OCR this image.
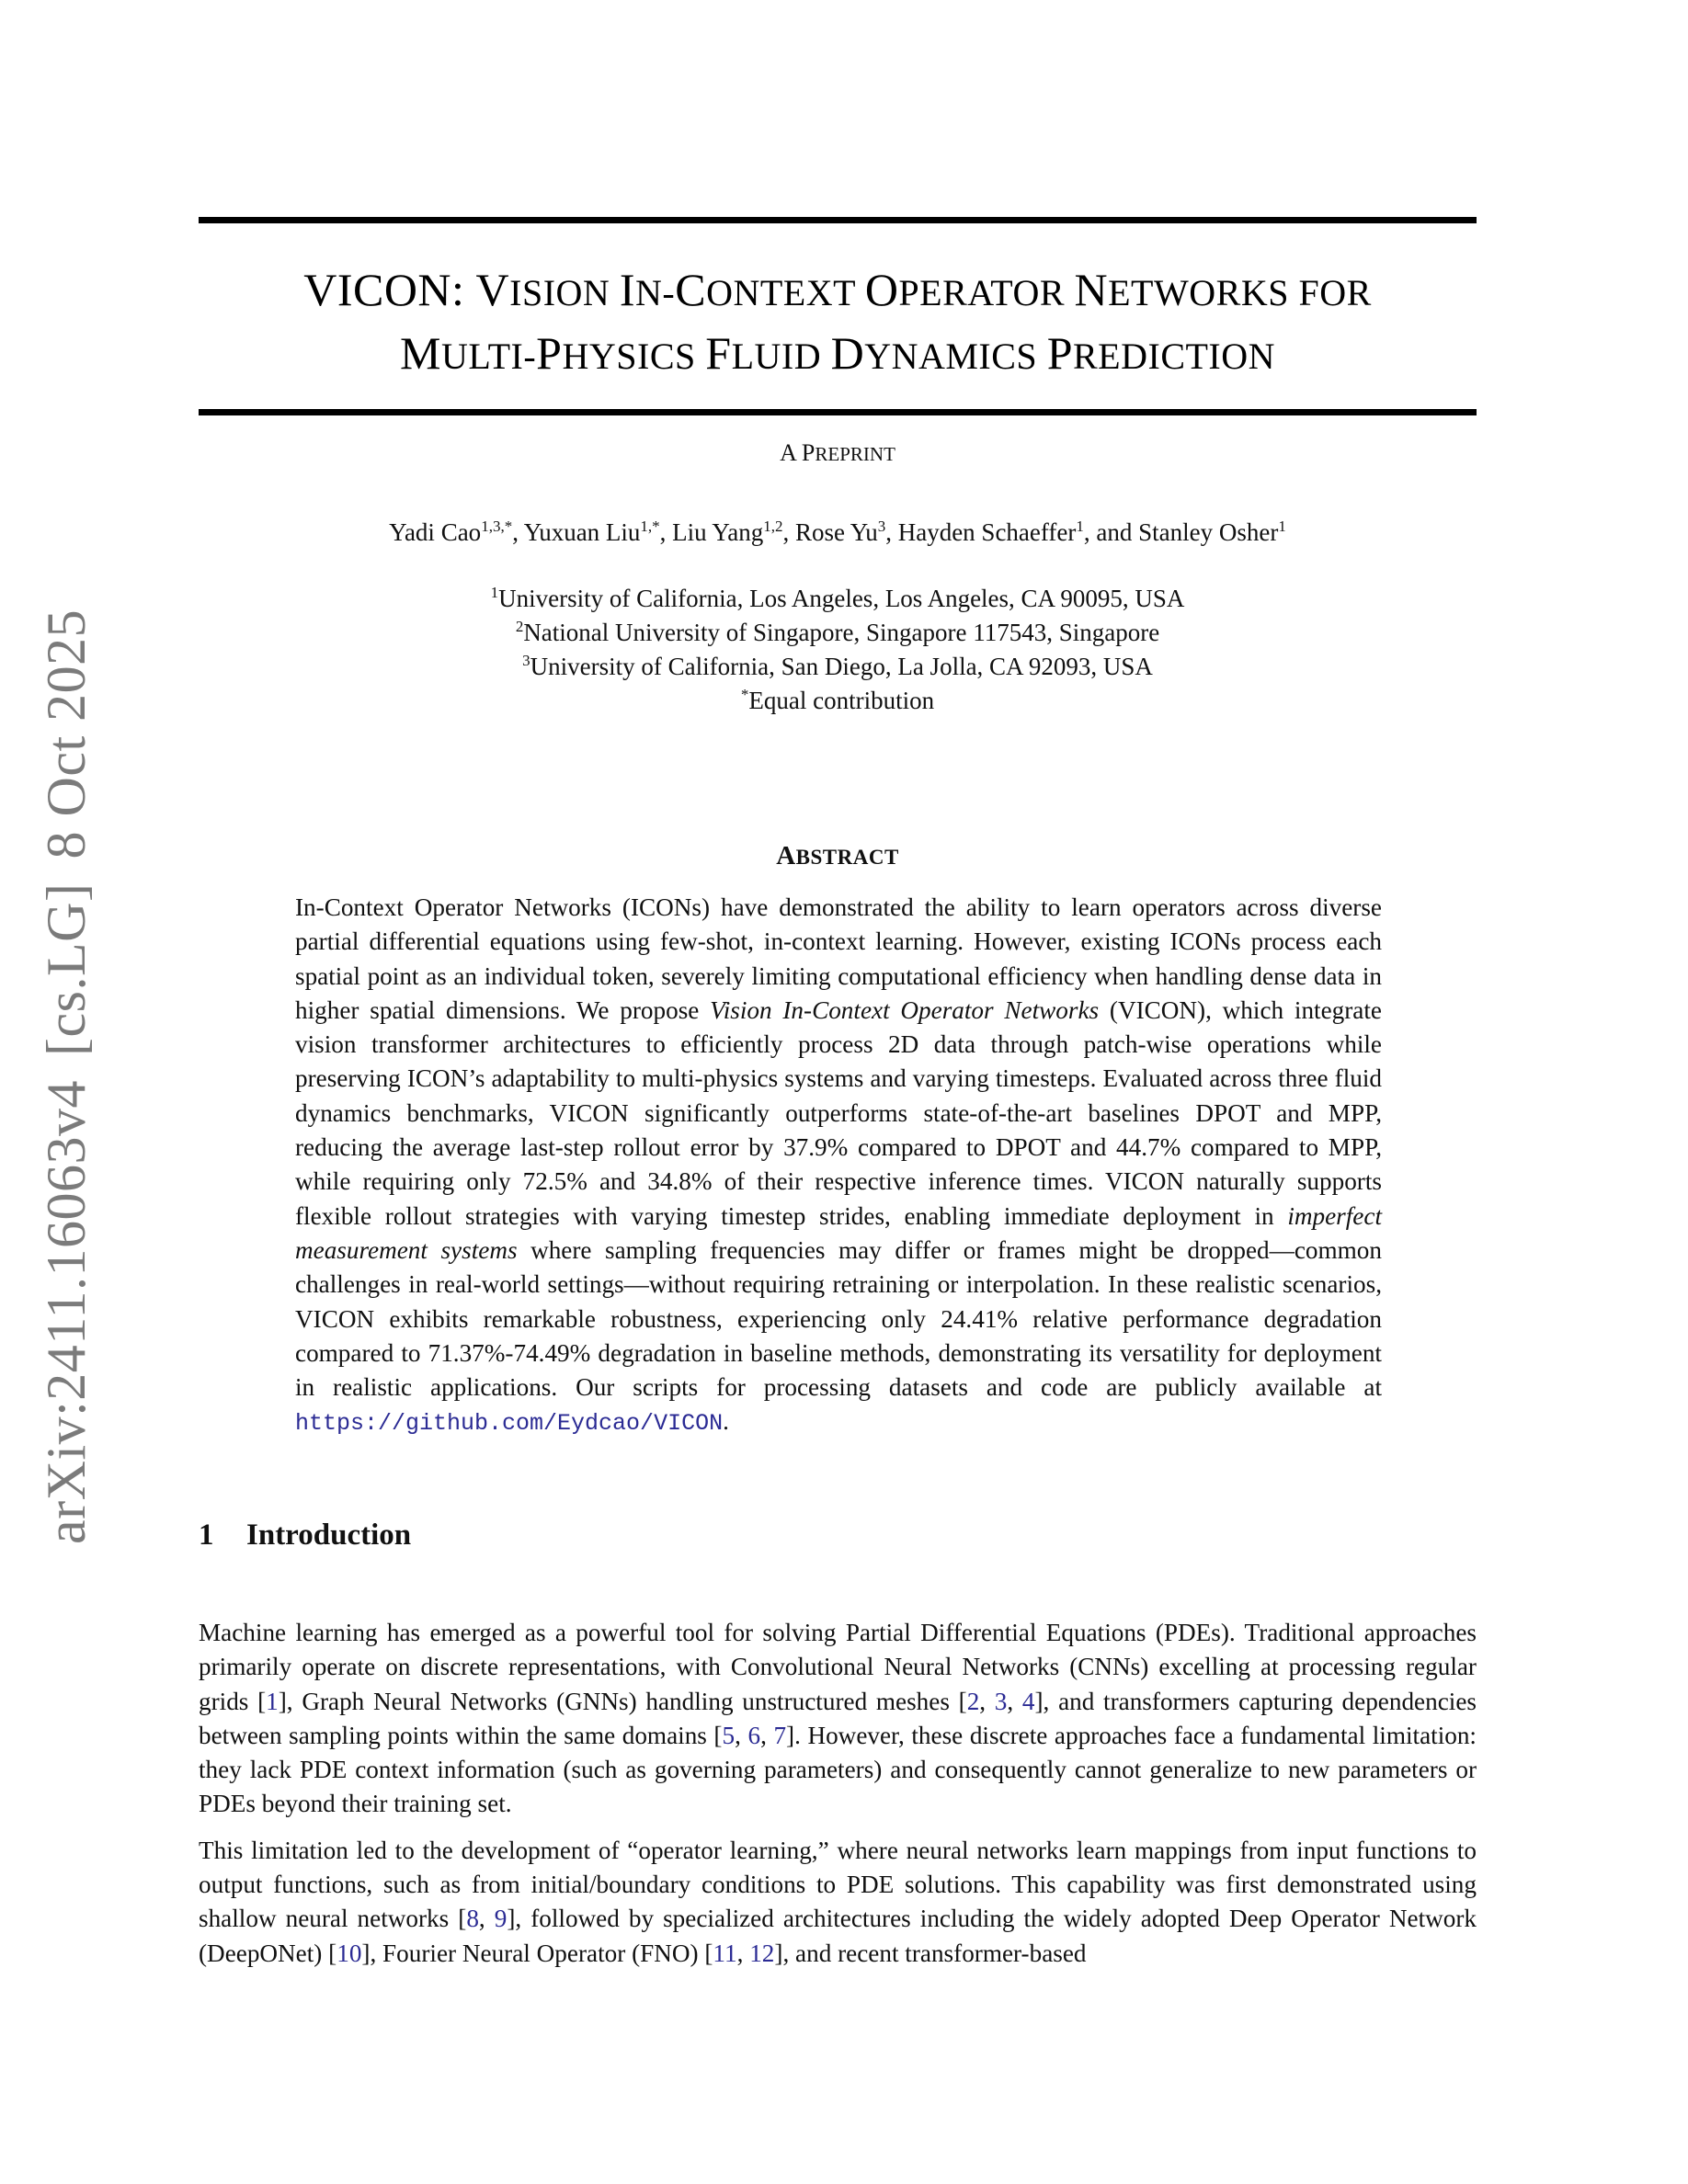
arXiv:2411.16063v4[cs.LG]8 Oct 2025
VICON: VISION IN-CONTEXT OPERATOR NETWORKS FOR
MULTI-PHYSICS FLUID DYNAMICS PREDICTION
A PREPRINT
Yadi Cao$^{1,3,*}$, Yuxuan Liu$^{1,*}$, Liu Yang$^{1,2}$, Rose Yu$^3$, Hayden Schaeffer$^1$, and Stanley Osher$^1$
$^1$University of California, Los Angeles, Los Angeles, CA 90095, USA
$^2$National University of Singapore, Singapore 117543, Singapore
$^3$University of California, San Diego, La Jolla, CA 92093, USA
*Equal contribution
ABSTRACT

In-Context Operator Networks (ICONs) have demonstrated the ability to learn operators across diverse partial differential equations using few-shot, in-context learning. However, existing ICONs process each spatial point as an individual token, severely limiting computational efficiency when handling dense data in higher spatial dimensions. We propose Vision In-Context Operator Networks (VICON), which integrate vision transformer architectures to efficiently process 2D data through patch-wise operations while preserving ICON’s adaptability to multi-physics systems and varying timesteps. Evaluated across three fluid dynamics benchmarks, VICON significantly outperforms state-of-the-art baselines DPOT and MPP, reducing the average last-step rollout error by 37.9% compared to DPOT and 44.7% compared to MPP, while requiring only 72.5% and 34.8% of their respective inference times. VICON naturally supports flexible rollout strategies with varying timestep strides, enabling immediate deployment in imperfect measurement systems where sampling frequencies may differ or frames might be dropped—common challenges in real-world settings—without requiring retraining or interpolation. In these realistic scenarios, VICON exhibits remarkable robustness, experiencing only 24.41% relative performance degradation compared to 71.37%-74.49% degradation in baseline methods, demonstrating its versatility for deployment in realistic applications. Our scripts for processing datasets and code are publicly available at https://github.com/Eydcao/VICON.

1 Introduction

Machine learning has emerged as a powerful tool for solving Partial Differential Equations (PDEs). Traditional approaches primarily operate on discrete representations, with Convolutional Neural Networks (CNNs) excelling at processing regular grids [1], Graph Neural Networks (GNNs) handling unstructured meshes [2, 3, 4], and transformers capturing dependencies between sampling points within the same domains [5, 6, 7]. However, these discrete approaches face a fundamental limitation: they lack PDE context information (such as governing parameters) and consequently cannot generalize to new parameters or PDEs beyond their training set.

This limitation led to the development of “operator learning,” where neural networks learn mappings from input functions to output functions, such as from initial/boundary conditions to PDE solutions. This capability was first demonstrated using shallow neural networks [8, 9], followed by specialized architectures including the widely adopted Deep Operator Network (DeepONet) [10], Fourier Neural Operator (FNO) [11, 12], and recent transformer-based
